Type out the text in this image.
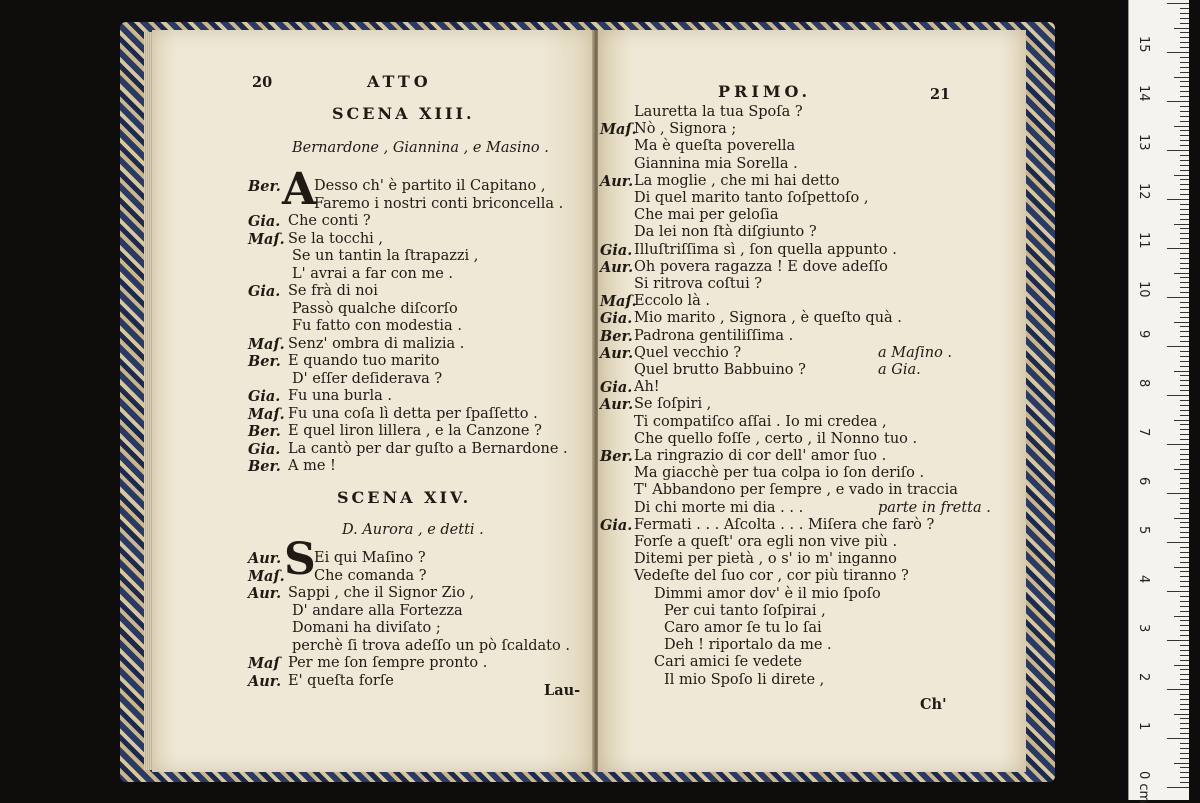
20	ATTO
SCENA XIII.
Bernardone , Giannina , e Masino .
A
Ber. Desso ch' è partito il Capitano ,
Faremo i nostri conti briconcella .
Gia. Che conti ?
Maſ. Se la tocchi ,
Se un tantin la ſtrapazzi ,
L' avrai a far con me .
Gia. Se frà di noi
Passò qualche diſcorſo
Fu fatto con modestia .
Maſ. Senz' ombra di malizia .
Ber. E quando tuo marito
D' eſſer deſiderava ?
Gia. Fu una burla .
Maſ. Fu una coſa lì detta per ſpaſſetto .
Ber. E quel liron lillera , e la Canzone ?
Gia. La cantò per dar guſto a Bernardone .
Ber. A me !
SCENA XIV.
D. Aurora , e detti .
S
Aur. Ei qui Maſino ?
Maſ. Che comanda ?
Aur. Sappi , che il Signor Zio ,
D' andare alla Fortezza
Domani ha diviſato ;
perchè ſi trova adeſſo un pò ſcaldato .
Maſ Per me ſon ſempre pronto .
Aur. E' queſta forſe
Lau-
PRIMO.	21
Lauretta la tua Spoſa ?
Maſ.
Nò , Signora ;
Ma è queſta poverella
Giannina mia Sorella .
Aur. La moglie , che mi hai detto
Di quel marito tanto ſoſpettoſo ,
Che mai per geloſia
Da lei non ſtà diſgiunto ?
Gia. Illuſtriſſima sì , ſon quella appunto .
Aur. Oh povera ragazza ! E dove adeſſo
Si ritrova coſtui ?
Maſ.
Eccolo là .
Gia. Mio marito , Signora , è queſto quà .
Ber. Padrona gentiliſſima .
Aur. Quel vecchio ?	a Maſino .
Quel brutto Babbuino ?	a Gia.
Gia. Ah!
Aur. Se ſoſpiri ,
Ti compatiſco aſſai . Io mi credea ,
Che quello foſſe , certo , il Nonno tuo .
Ber. La ringrazio di cor dell' amor ſuo .
Ma giacchè per tua colpa io ſon deriſo .
T' Abbandono per ſempre , e vado in traccia
Di chi morte mi dia . . .	parte in fretta .
Gia. Fermati . . . Aſcolta . . . Miſera che farò ?
Forſe a queſt' ora egli non vive più .
Ditemi per pietà , o s' io m' inganno
Vedeſte del ſuo cor , cor più tiranno ?
Dimmi amor dov' è il mio ſpoſo
Per cui tanto ſoſpirai ,
Caro amor ſe tu lo ſai
Deh ! riportalo da me .
Cari amici ſe vedete
Il mio Spoſo li direte ,
Ch'
0 cm
1
2
3
4
5
6
7
8
9
10
11
12
13
14
15
